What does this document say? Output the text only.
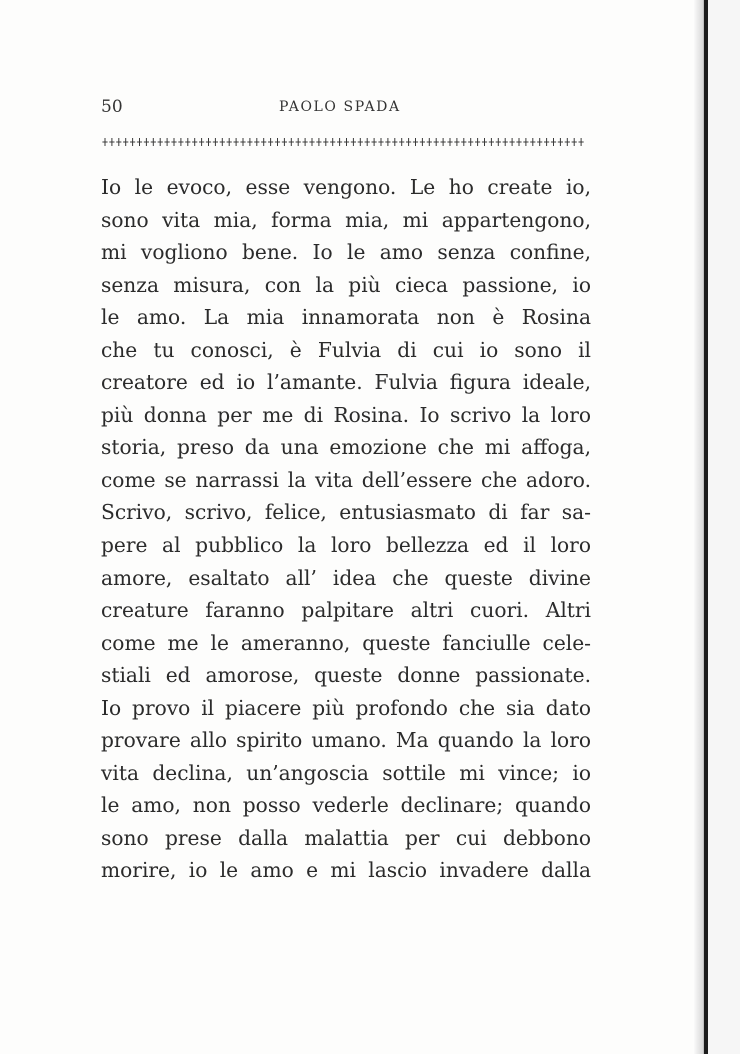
50	PAOLO SPADA
Io le evoco, esse vengono. Le ho create io,
sono vita mia, forma mia, mi appartengono,
mi vogliono bene. Io le amo senza confine,
senza misura, con la più cieca passione, io
le amo. La mia innamorata non è Rosina
che tu conosci, è Fulvia di cui io sono il
creatore ed io l’amante. Fulvia figura ideale,
più donna per me di Rosina. Io scrivo la loro
storia, preso da una emozione che mi affoga,
come se narrassi la vita dell’essere che adoro.
Scrivo, scrivo, felice, entusiasmato di far sa-
pere al pubblico la loro bellezza ed il loro
amore, esaltato all’ idea che queste divine
creature faranno palpitare altri cuori. Altri
come me le ameranno, queste fanciulle cele-
stiali ed amorose, queste donne passionate.
Io provo il piacere più profondo che sia dato
provare allo spirito umano. Ma quando la loro
vita declina, un’angoscia sottile mi vince; io
le amo, non posso vederle declinare; quando
sono prese dalla malattia per cui debbono
morire, io le amo e mi lascio invadere dalla
